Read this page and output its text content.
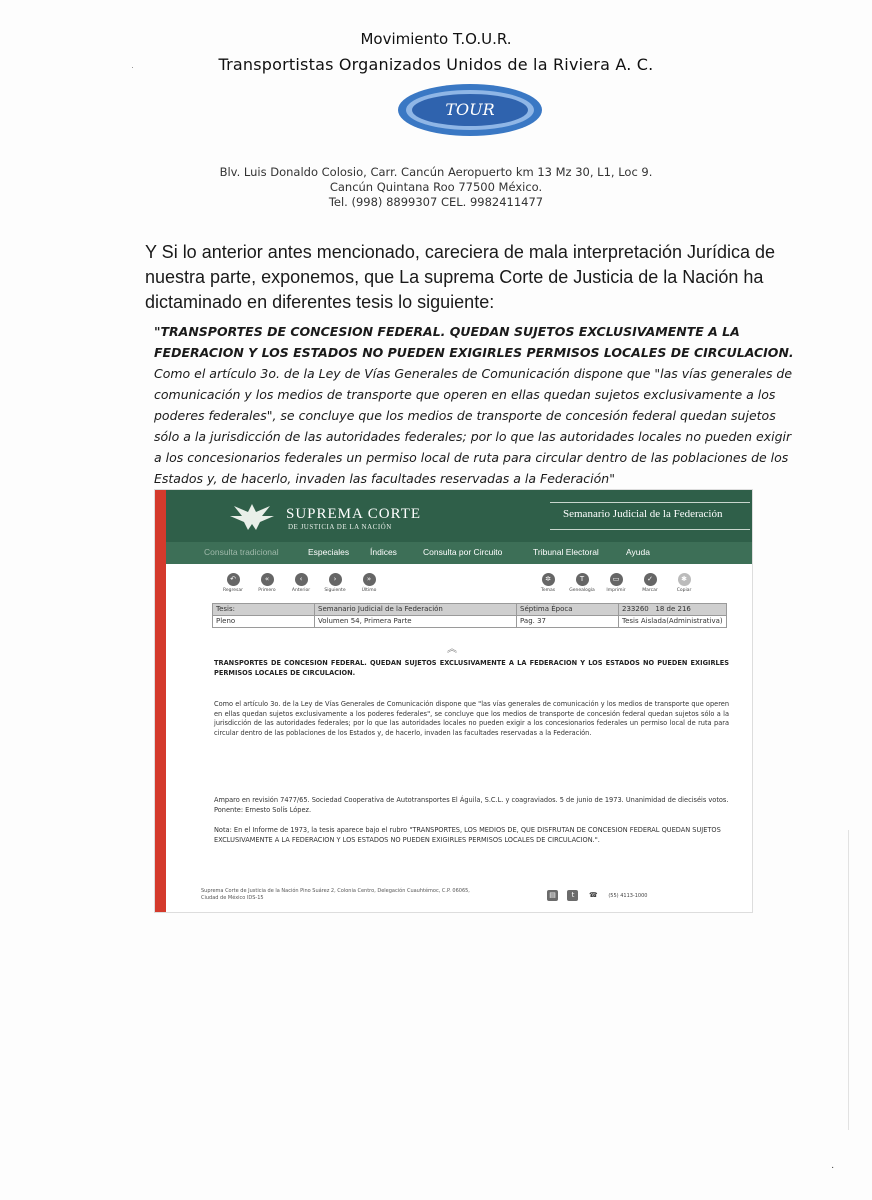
·
Movimiento T.O.U.R.
Transportistas Organizados Unidos de la Riviera A. C.
TOUR
Blv. Luis Donaldo Colosio, Carr. Cancún Aeropuerto km 13 Mz 30, L1, Loc 9.
Cancún Quintana Roo 77500 México.
Tel. (998) 8899307 CEL. 9982411477
Y Si lo anterior antes mencionado, careciera de mala interpretación Jurídica de nuestra parte, exponemos, que La suprema Corte de Justicia de la Nación ha dictaminado en diferentes tesis lo siguiente:
"TRANSPORTES DE CONCESION FEDERAL. QUEDAN SUJETOS EXCLUSIVAMENTE A LA FEDERACION Y LOS ESTADOS NO PUEDEN EXIGIRLES PERMISOS LOCALES DE CIRCULACION. Como el artículo 3o. de la Ley de Vías Generales de Comunicación dispone que "las vías generales de comunicación y los medios de transporte que operen en ellas quedan sujetos exclusivamente a los poderes federales", se concluye que los medios de transporte de concesión federal quedan sujetos sólo a la jurisdicción de las autoridades federales; por lo que las autoridades locales no pueden exigir a los concesionarios federales un permiso local de ruta para circular dentro de las poblaciones de los Estados y, de hacerlo, invaden las facultades reservadas a la Federación"
SUPREMA CORTE
DE JUSTICIA DE LA NACIÓN
Semanario Judicial de la Federación
Consulta tradicional	Especiales Índices	Consulta por Circuito	Tribunal Electoral	Ayuda
↶
Regresar
«
Primero
‹
Anterior
›
Siguiente
»
Último
✲
Temas
T
Genealogía
▭
Imprimir
✓
Marcar
✱
Copiar
Tesis:	Semanario Judicial de la Federación	Séptima Época	233260 18 de 216
Pleno	Volumen 54, Primera Parte	Pag. 37	Tesis Aislada(Administrativa)
︽
TRANSPORTES DE CONCESION FEDERAL. QUEDAN SUJETOS EXCLUSIVAMENTE A LA FEDERACION Y LOS ESTADOS NO PUEDEN EXIGIRLES PERMISOS LOCALES DE CIRCULACION.
Como el artículo 3o. de la Ley de Vías Generales de Comunicación dispone que "las vías generales de comunicación y los medios de transporte que operen en ellas quedan sujetos exclusivamente a los poderes federales", se concluye que los medios de transporte de concesión federal quedan sujetos sólo a la jurisdicción de las autoridades federales; por lo que las autoridades locales no pueden exigir a los concesionarios federales un permiso local de ruta para circular dentro de las poblaciones de los Estados y, de hacerlo, invaden las facultades reservadas a la Federación.
Amparo en revisión 7477/65. Sociedad Cooperativa de Autotransportes El Águila, S.C.L. y coagraviados. 5 de junio de 1973. Unanimidad de dieciséis votos. Ponente: Ernesto Solís López.
Nota: En el Informe de 1973, la tesis aparece bajo el rubro "TRANSPORTES, LOS MEDIOS DE, QUE DISFRUTAN DE CONCESION FEDERAL QUEDAN SUJETOS EXCLUSIVAMENTE A LA FEDERACION Y LOS ESTADOS NO PUEDEN EXIGIRLES PERMISOS LOCALES DE CIRCULACION.".
Suprema Corte de Justicia de la Nación Pino Suárez 2, Colonia Centro, Delegación Cuauhtémoc, C.P. 06065, Ciudad de México IDS-15	▤ t ☎ (55) 4113-1000
·
